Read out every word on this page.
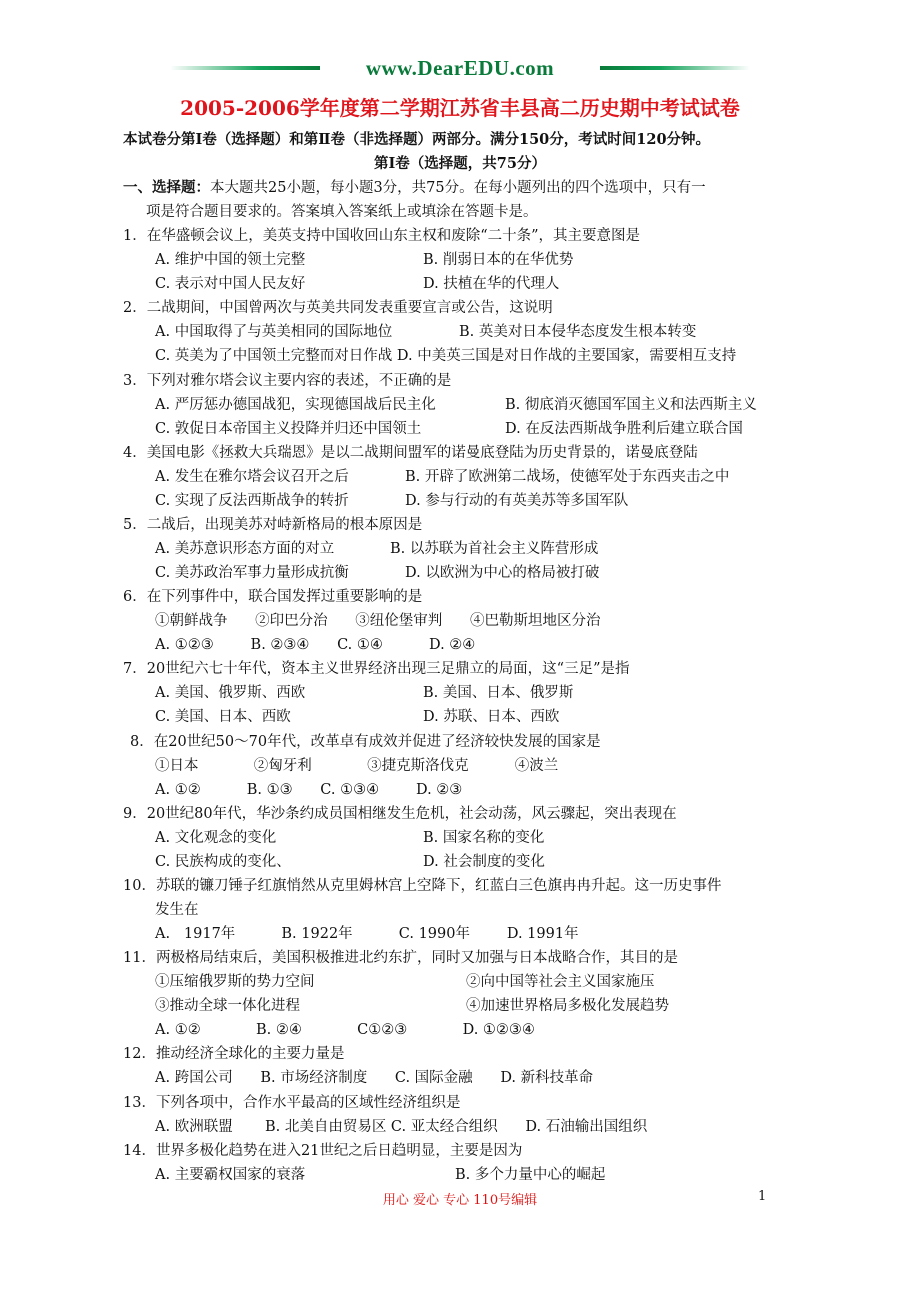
www.DearEDU.com
2005-2006学年度第二学期江苏省丰县高二历史期中考试试卷
本试卷分第Ⅰ卷（选择题）和第Ⅱ卷（非选择题）两部分。满分150分，考试时间120分钟。
第Ⅰ卷（选择题，共75分）
一、选择题：本大题共25小题，每小题3分，共75分。在每小题列出的四个选项中，只有一
项是符合题目要求的。答案填入答案纸上或填涂在答题卡是。
1．在华盛顿会议上，美英支持中国收回山东主权和废除“二十条”，其主要意图是
A. 维护中国的领土完整	B. 削弱日本的在华优势
C. 表示对中国人民友好	D. 扶植在华的代理人
2．二战期间，中国曾两次与英美共同发表重要宣言或公告，这说明
A. 中国取得了与英美相同的国际地位	B. 英美对日本侵华态度发生根本转变
C. 英美为了中国领土完整而对日作战 D. 中美英三国是对日作战的主要国家，需要相互支持
3．下列对雅尔塔会议主要内容的表述，不正确的是
A. 严厉惩办德国战犯，实现德国战后民主化	B. 彻底消灭德国军国主义和法西斯主义
C. 敦促日本帝国主义投降并归还中国领土	D. 在反法西斯战争胜利后建立联合国
4．美国电影《拯救大兵瑞恩》是以二战期间盟军的诺曼底登陆为历史背景的，诺曼底登陆
A. 发生在雅尔塔会议召开之后	B. 开辟了欧洲第二战场，使德军处于东西夹击之中
C. 实现了反法西斯战争的转折	D. 参与行动的有英美苏等多国军队
5．二战后，出现美苏对峙新格局的根本原因是
A. 美苏意识形态方面的对立	B. 以苏联为首社会主义阵营形成
C. 美苏政治军事力量形成抗衡	D. 以欧洲为中心的格局被打破
6．在下列事件中，联合国发挥过重要影响的是
①朝鲜战争      ②印巴分治      ③纽伦堡审判      ④巴勒斯坦地区分治
A. ①②③        B. ②③④      C. ①④          D. ②④
7．20世纪六七十年代，资本主义世界经济出现三足鼎立的局面，这“三足”是指
A. 美国、俄罗斯、西欧	B. 美国、日本、俄罗斯
C. 美国、日本、西欧	D. 苏联、日本、西欧
8．在20世纪50～70年代，改革卓有成效并促进了经济较快发展的国家是
①日本            ②匈牙利            ③捷克斯洛伐克          ④波兰
A. ①②          B. ①③      C. ①③④        D. ②③
9．20世纪80年代，华沙条约成员国相继发生危机，社会动荡，风云骤起，突出表现在
A. 文化观念的变化	B. 国家名称的变化
C. 民族构成的变化、	D. 社会制度的变化
10．苏联的镰刀锤子红旗悄然从克里姆林宫上空降下，红蓝白三色旗冉冉升起。这一历史事件
发生在
A.   1917年          B. 1922年          C. 1990年        D. 1991年
11．两极格局结束后，美国积极推进北约东扩，同时又加强与日本战略合作，其目的是
①压缩俄罗斯的势力空间	②向中国等社会主义国家施压
③推动全球一体化进程	④加速世界格局多极化发展趋势
A. ①②            B. ②④            C①②③            D. ①②③④
12．推动经济全球化的主要力量是
A. 跨国公司      B. 市场经济制度      C. 国际金融      D. 新科技革命
13．下列各项中，合作水平最高的区域性经济组织是
A. 欧洲联盟       B. 北美自由贸易区 C. 亚太经合组织      D. 石油输出国组织
14．世界多极化趋势在进入21世纪之后日趋明显，主要是因为
A. 主要霸权国家的衰落	B. 多个力量中心的崛起
用心 爱心 专心 110号编辑	1
